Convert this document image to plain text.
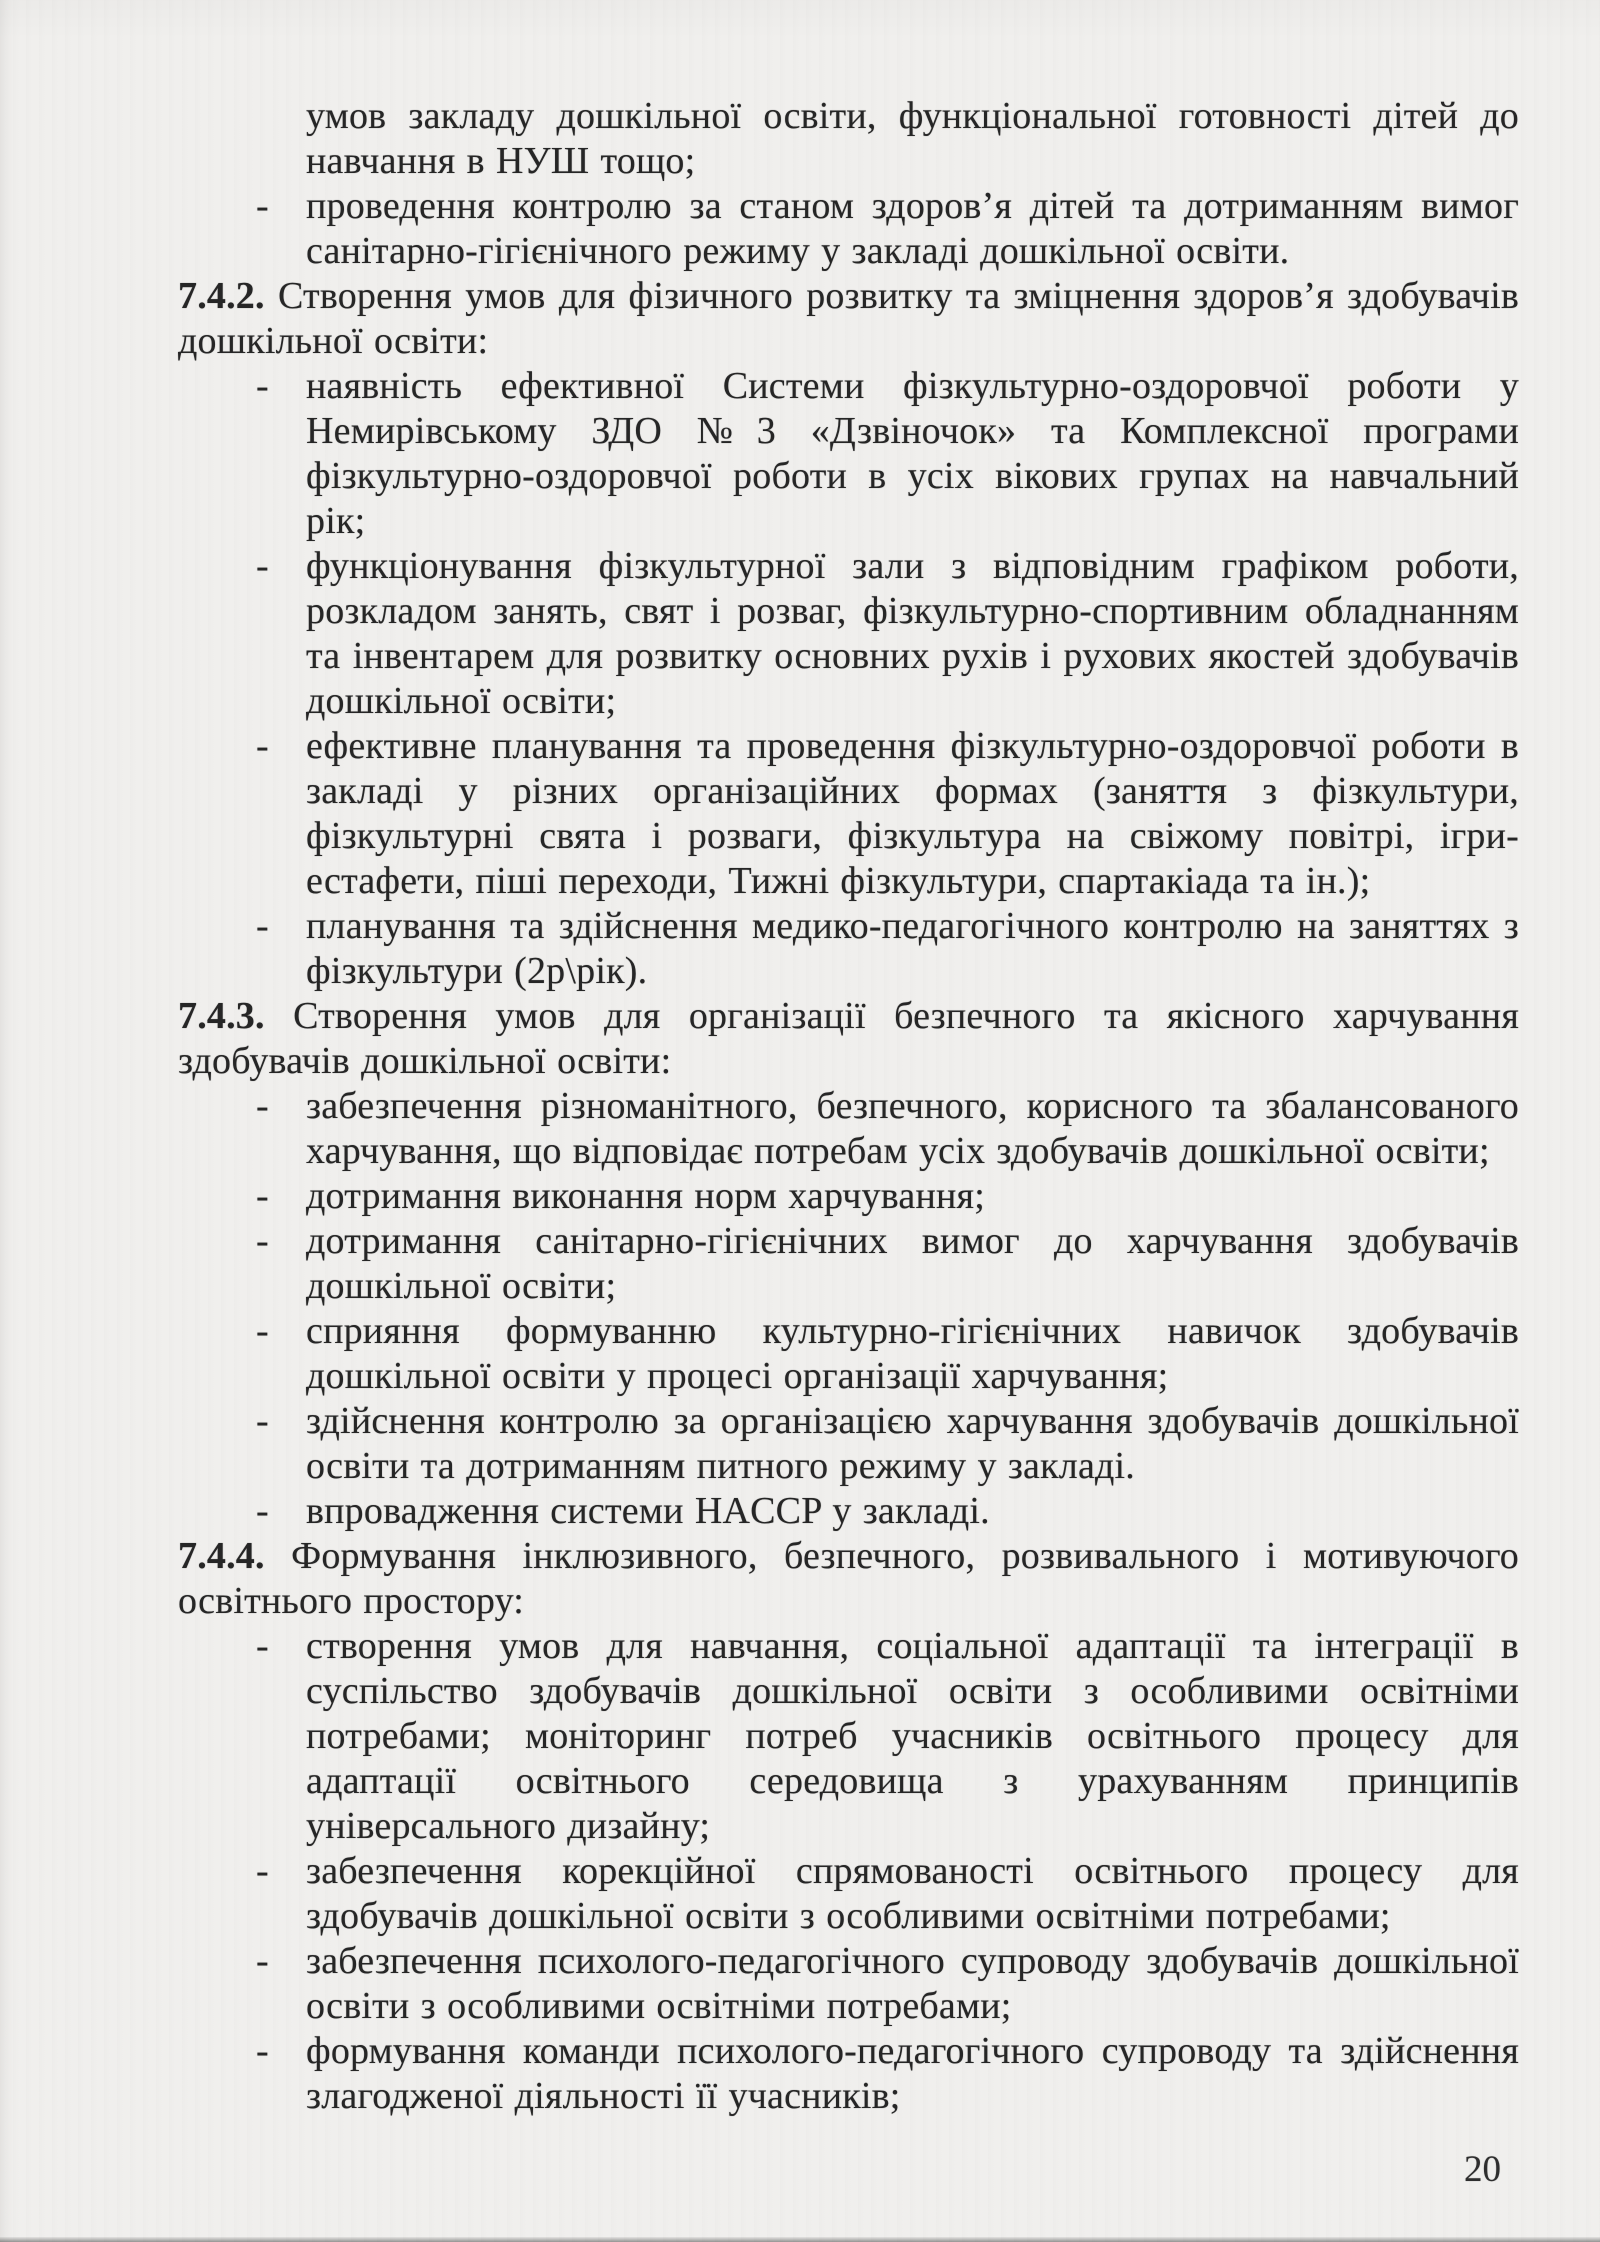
умов закладу дошкільної освіти, функціональної готовності дітей до навчання в НУШ тощо;
- проведення контролю за станом здоров’я дітей та дотриманням вимог санітарно-гігієнічного режиму у закладі дошкільної освіти.
7.4.2. Створення умов для фізичного розвитку та зміцнення здоров’я здобувачів дошкільної освіти:
- наявність ефективної Системи фізкультурно-оздоровчої роботи у Немирівському ЗДО №3 «Дзвіночок» та Комплексної програми фізкультурно-оздоровчої роботи в усіх вікових групах на навчальний рік;
- функціонування фізкультурної зали з відповідним графіком роботи, розкладом занять, свят і розваг, фізкультурно-спортивним обладнанням та інвентарем для розвитку основних рухів і рухових якостей здобувачів дошкільної освіти;
- ефективне планування та проведення фізкультурно-оздоровчої роботи в закладі у різних організаційних формах (заняття з фізкультури, фізкультурні свята і розваги, фізкультура на свіжому повітрі, ігри-естафети, піші переходи, Тижні фізкультури, спартакіада та ін.);
- планування та здійснення медико-педагогічного контролю на заняттях з фізкультури (2р\рік).
7.4.3. Створення умов для організації безпечного та якісного харчування здобувачів дошкільної освіти:
- забезпечення різноманітного, безпечного, корисного та збалансованого харчування, що відповідає потребам усіх здобувачів дошкільної освіти;
- дотримання виконання норм харчування;
- дотримання санітарно-гігієнічних вимог до харчування здобувачів дошкільної освіти;
- сприяння формуванню культурно-гігієнічних навичок здобувачів дошкільної освіти у процесі організації харчування;
- здійснення контролю за організацією харчування здобувачів дошкільної освіти та дотриманням питного режиму у закладі.
- впровадження системи HACCP у закладі.
7.4.4. Формування інклюзивного, безпечного, розвивального і мотивуючого освітнього простору:
- створення умов для навчання, соціальної адаптації та інтеграції в суспільство здобувачів дошкільної освіти з особливими освітніми потребами; моніторинг потреб учасників освітнього процесу для адаптації освітнього середовища з урахуванням принципів універсального дизайну;
- забезпечення корекційної спрямованості освітнього процесу для здобувачів дошкільної освіти з особливими освітніми потребами;
- забезпечення психолого-педагогічного супроводу здобувачів дошкільної освіти з особливими освітніми потребами;
- формування команди психолого-педагогічного супроводу та здійснення злагодженої діяльності її учасників;
20
